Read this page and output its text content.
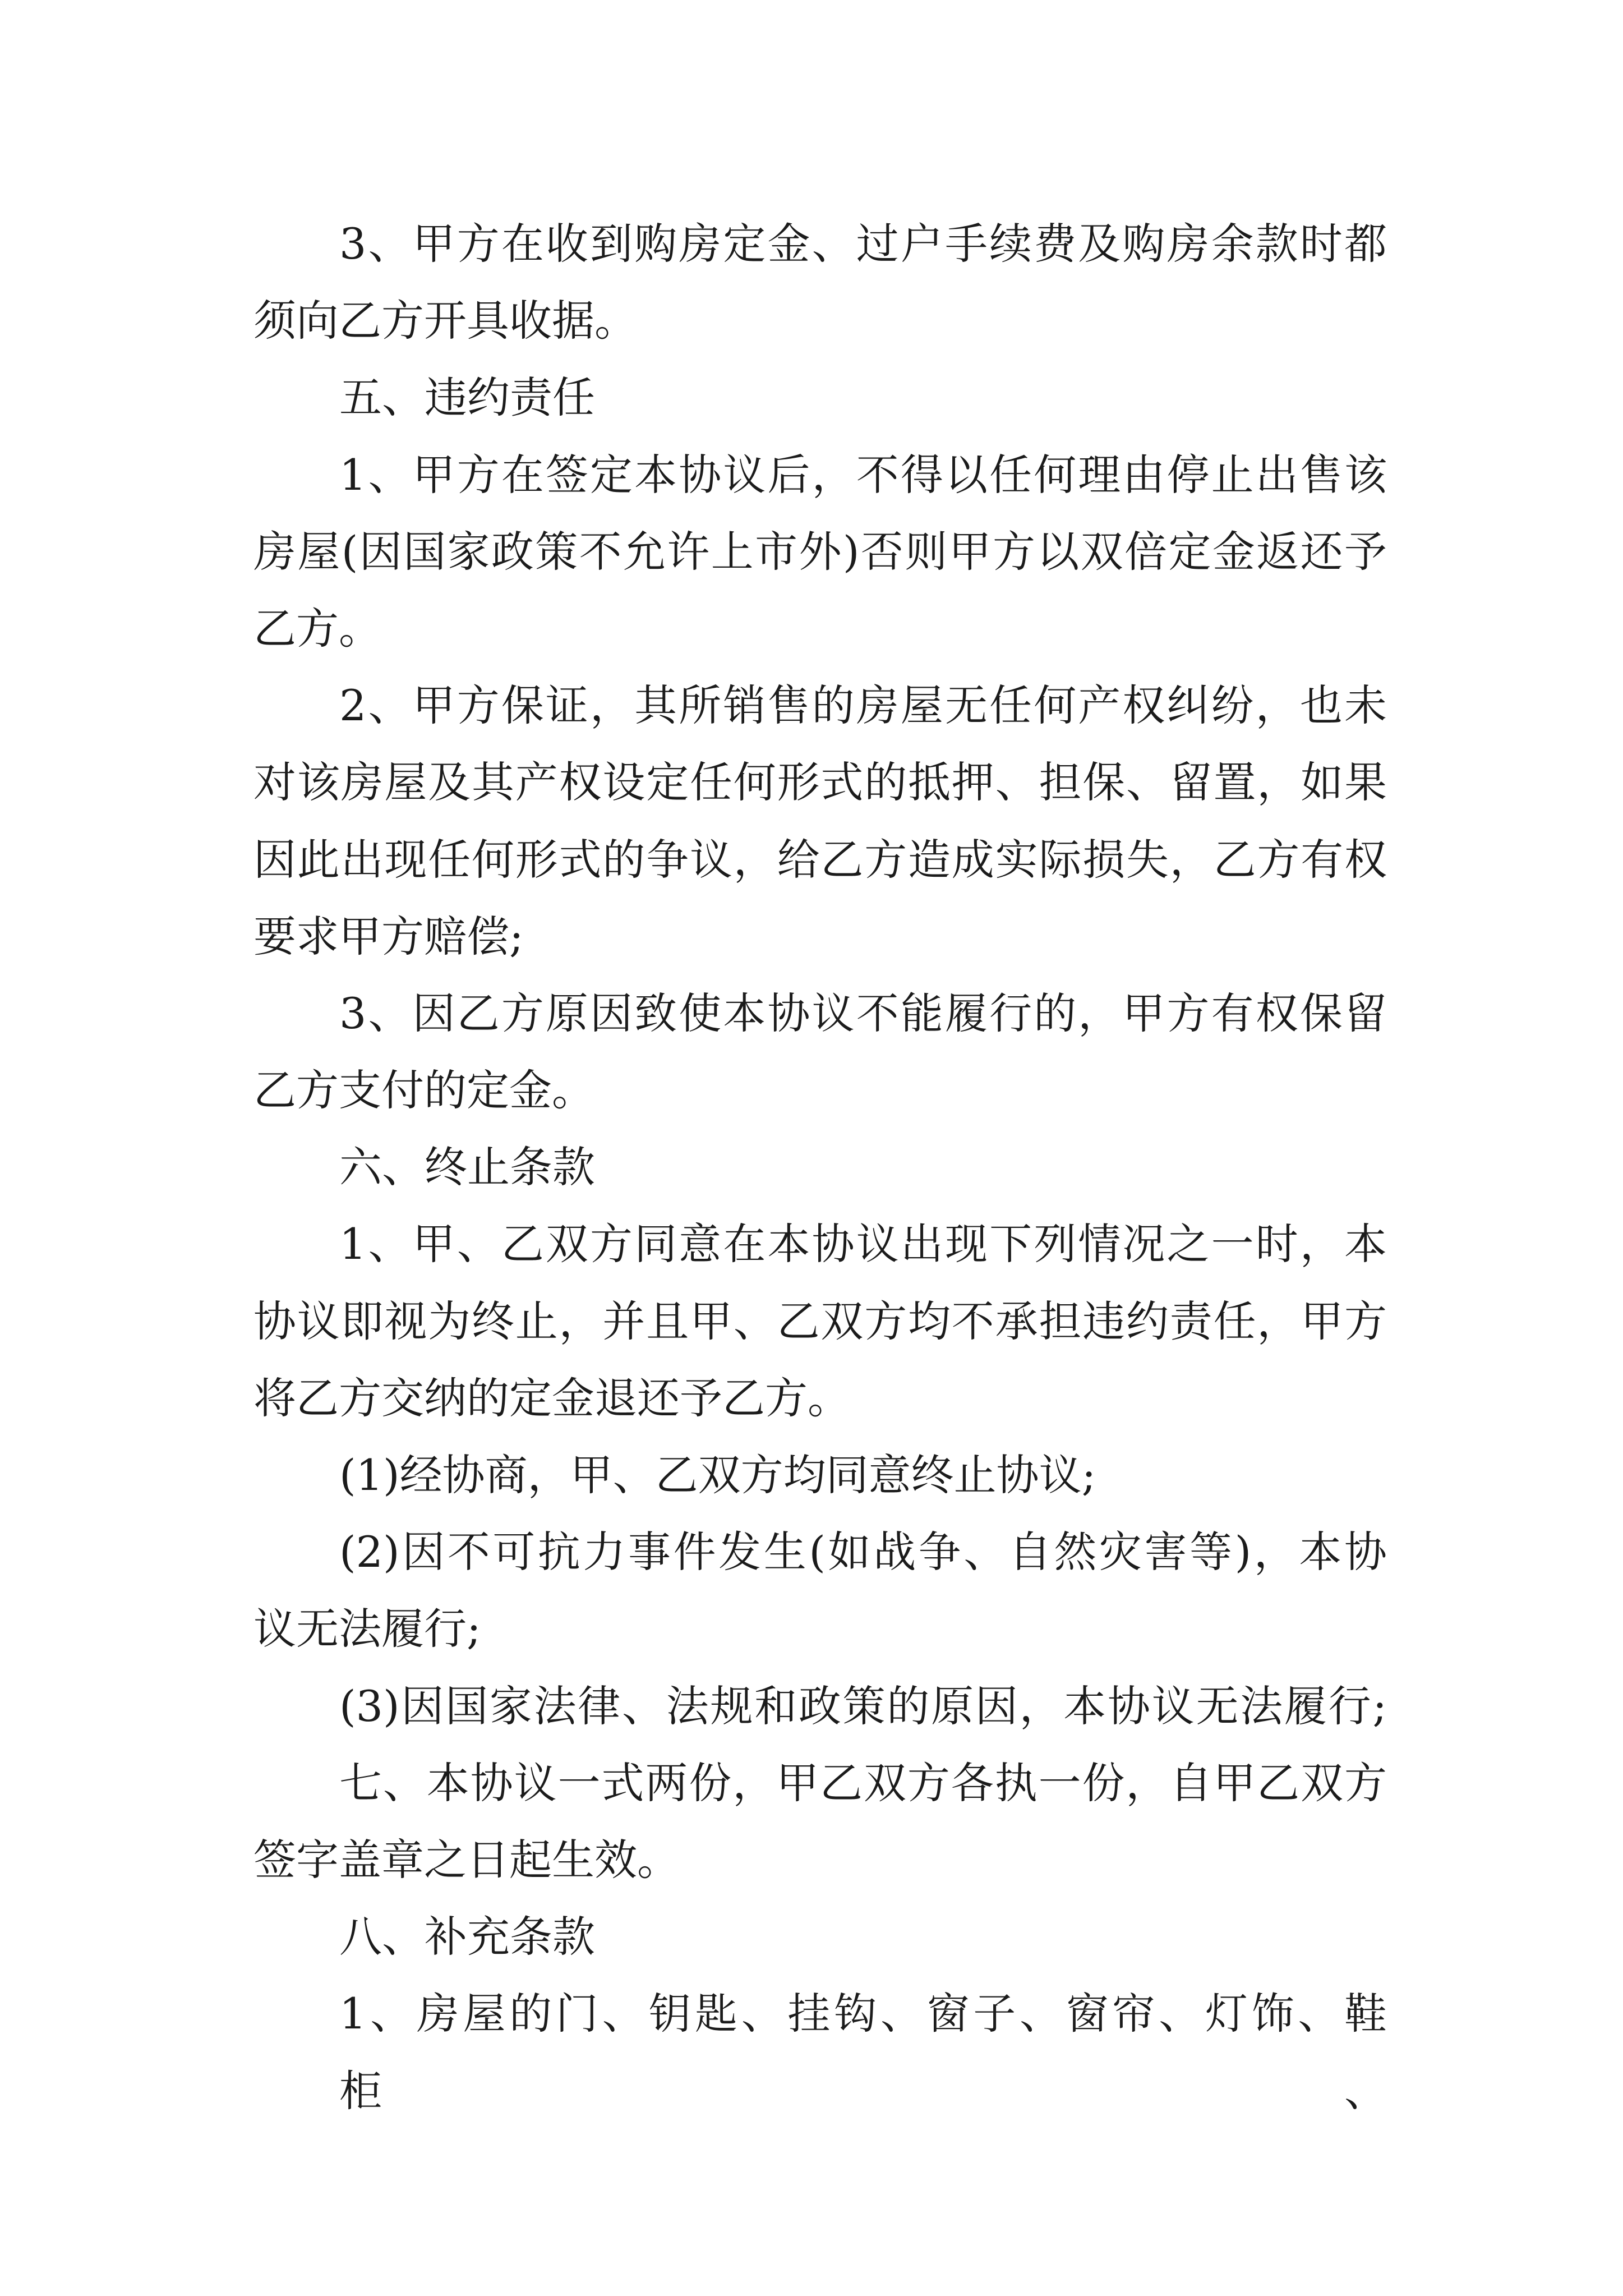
3、甲方在收到购房定金、过户手续费及购房余款时都
须向乙方开具收据。
五、违约责任
1、甲方在签定本协议后，不得以任何理由停止出售该
房屋(因国家政策不允许上市外)否则甲方以双倍定金返还予
乙方。
2、甲方保证，其所销售的房屋无任何产权纠纷，也未
对该房屋及其产权设定任何形式的抵押、担保、留置，如果
因此出现任何形式的争议，给乙方造成实际损失，乙方有权
要求甲方赔偿;
3、因乙方原因致使本协议不能履行的，甲方有权保留
乙方支付的定金。
六、终止条款
1、甲、乙双方同意在本协议出现下列情况之一时，本
协议即视为终止，并且甲、乙双方均不承担违约责任，甲方
将乙方交纳的定金退还予乙方。
(1)经协商，甲、乙双方均同意终止协议;
(2)因不可抗力事件发生(如战争、自然灾害等)，本协
议无法履行;
(3)因国家法律、法规和政策的原因，本协议无法履行;
七、本协议一式两份，甲乙双方各执一份，自甲乙双方
签字盖章之日起生效。
八、补充条款
1、房屋的门、钥匙、挂钩、窗子、窗帘、灯饰、鞋柜、
